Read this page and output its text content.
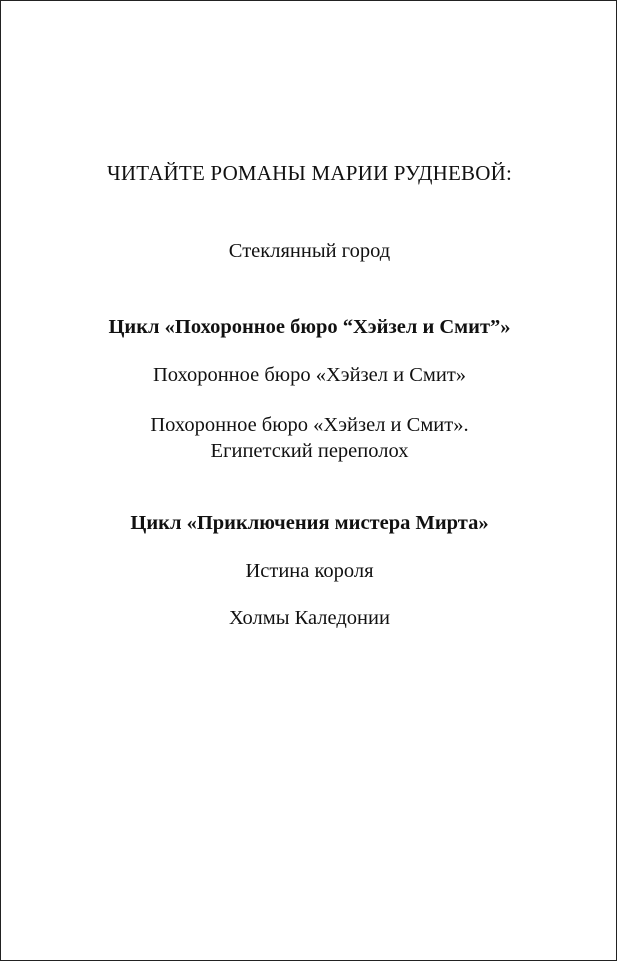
ЧИТАЙТЕ РОМАНЫ МАРИИ РУДНЕВОЙ:

Стеклянный город

Цикл «Похоронное бюро “Хэйзел и Смит”»

Похоронное бюро «Хэйзел и Смит»

Похоронное бюро «Хэйзел и Смит».
Египетский переполох

Цикл «Приключения мистера Мирта»

Истина короля

Холмы Каледонии
